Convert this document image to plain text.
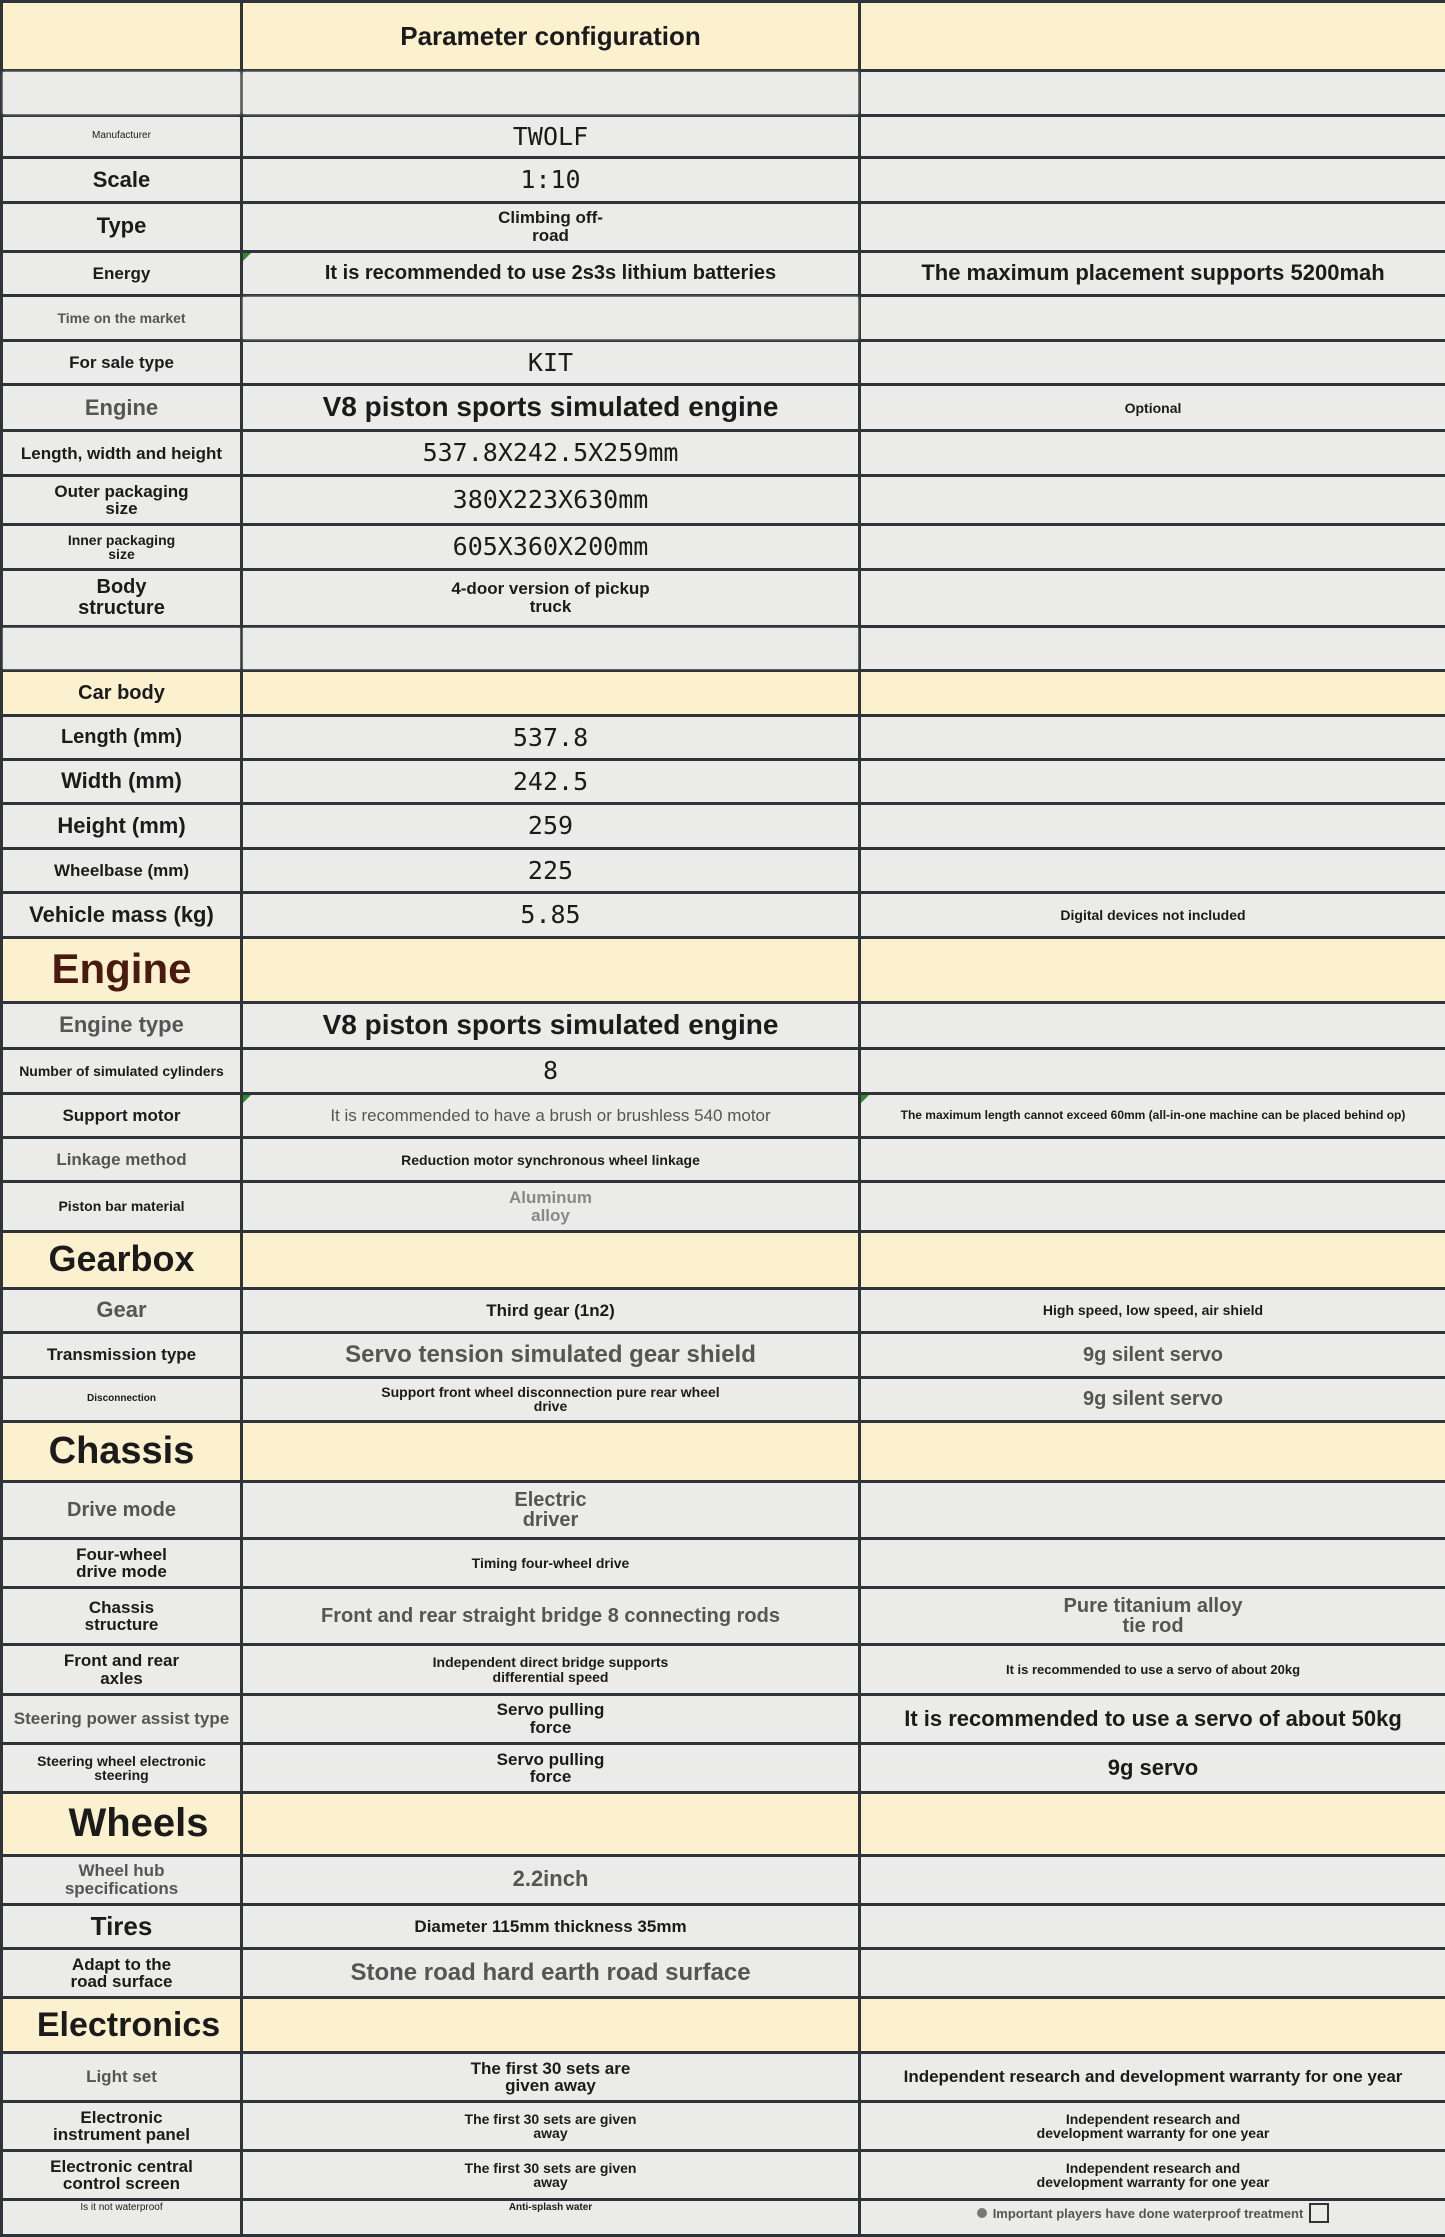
	Parameter configuration	

Manufacturer	TWOLF	
Scale	1:10	
Type	Climbing off-road	
Energy	It is recommended to use 2s3s lithium batteries	The maximum placement supports 5200mah
Time on the market		
For sale type	KIT	
Engine	V8 piston sports simulated engine	Optional
Length, width and height	537.8X242.5X259mm	
Outer packaging size	380X223X630mm	
Inner packaging size	605X360X200mm	
Body structure	4-door version of pickup truck	

Car body		
Length (mm)	537.8	
Width (mm)	242.5	
Height (mm)	259	
Wheelbase (mm)	225	
Vehicle mass (kg)	5.85	Digital devices not included
Engine		
Engine type	V8 piston sports simulated engine	
Number of simulated cylinders	8	
Support motor	It is recommended to have a brush or brushless 540 motor	The maximum length cannot exceed 60mm (all-in-one machine can be placed behind op)
Linkage method	Reduction motor synchronous wheel linkage	
Piston bar material	Aluminum alloy	
Gearbox		
Gear	Third gear (1n2)	High speed, low speed, air shield
Transmission type	Servo tension simulated gear shield	9g silent servo
Disconnection	Support front wheel disconnection pure rear wheel drive	9g silent servo
Chassis		
Drive mode	Electric driver	
Four-wheel drive mode	Timing four-wheel drive	
Chassis structure	Front and rear straight bridge 8 connecting rods	Pure titanium alloy tie rod
Front and rear axles	Independent direct bridge supports differential speed	It is recommended to use a servo of about 20kg
Steering power assist type	Servo pulling force	It is recommended to use a servo of about 50kg
Steering wheel electronic steering	Servo pulling force	9g servo
Wheels		
Wheel hub specifications	2.2inch	
Tires	Diameter 115mm thickness 35mm	
Adapt to the road surface	Stone road hard earth road surface	
Electronics		
Light set	The first 30 sets are given away	Independent research and development warranty for one year
Electronic instrument panel	The first 30 sets are given away	Independent research and development warranty for one year
Electronic central control screen	The first 30 sets are given away	Independent research and development warranty for one year
Is it not waterproof	Anti-splash water	Important players have done waterproof treatment
